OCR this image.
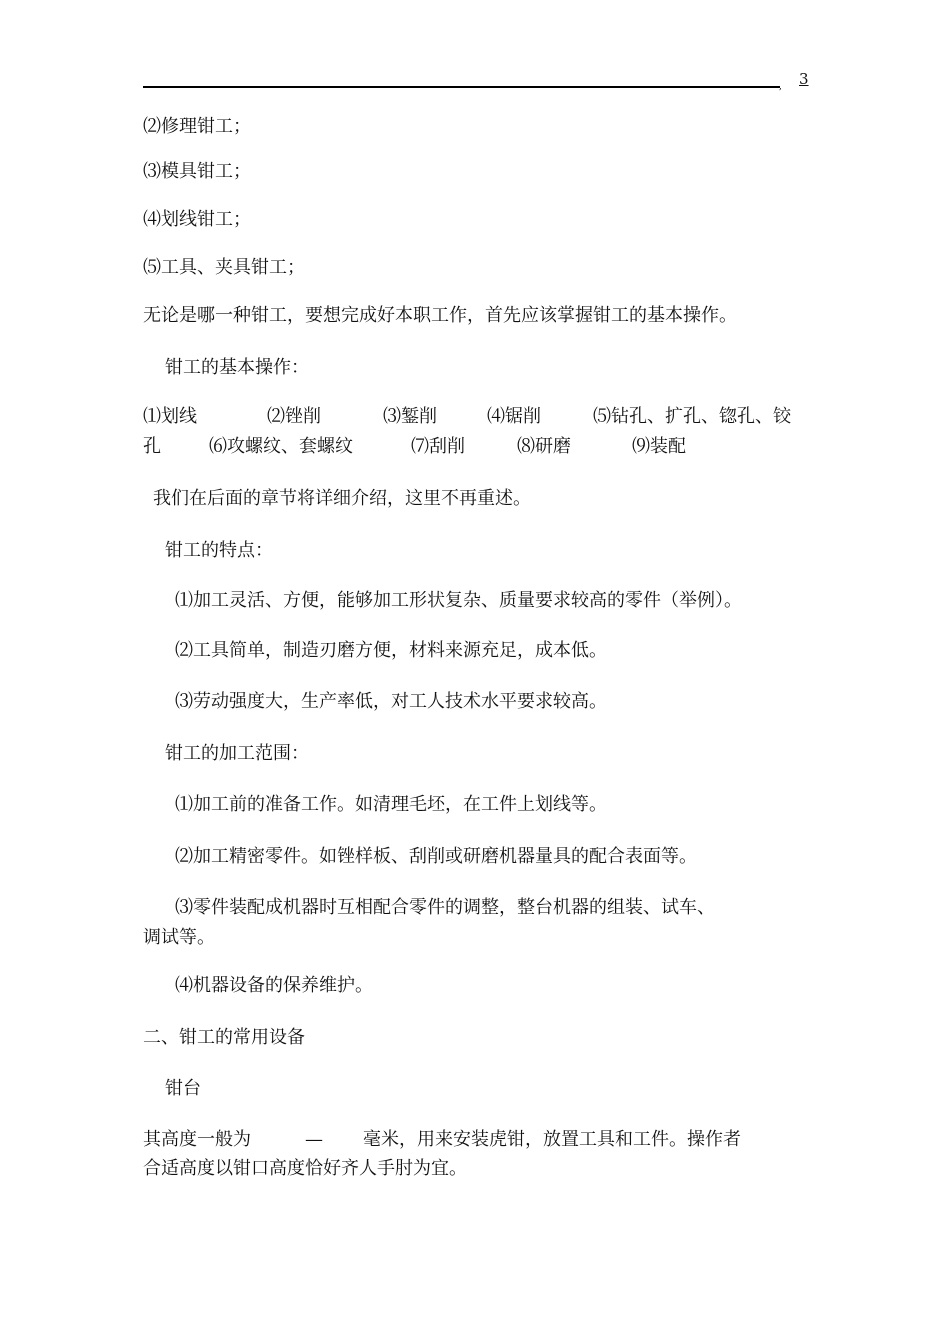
, 3
⑵修理钳工；
⑶模具钳工；
⑷划线钳工；
⑸工具、夹具钳工；
无论是哪一种钳工，要想完成好本职工作，首先应该掌握钳工的基本操作。
钳工的基本操作：
⑴划线	⑵锉削	⑶錾削	⑷锯削	⑸钻孔、扩孔、锪孔、铰
孔	⑹攻螺纹、套螺纹	⑺刮削	⑻研磨	⑼装配
我们在后面的章节将详细介绍，这里不再重述。
钳工的特点：
⑴加工灵活、方便，能够加工形状复杂、质量要求较高的零件（举例）。
⑵工具简单，制造刃磨方便，材料来源充足，成本低。
⑶劳动强度大，生产率低，对工人技术水平要求较高。
钳工的加工范围：
⑴加工前的准备工作。如清理毛坯，在工件上划线等。
⑵加工精密零件。如锉样板、刮削或研磨机器量具的配合表面等。
⑶零件装配成机器时互相配合零件的调整，整台机器的组装、试车、
调试等。
⑷机器设备的保养维护。
二、钳工的常用设备
钳台
其高度一般为	— 毫米，用来安装虎钳，放置工具和工件。操作者
合适高度以钳口高度恰好齐人手肘为宜。
